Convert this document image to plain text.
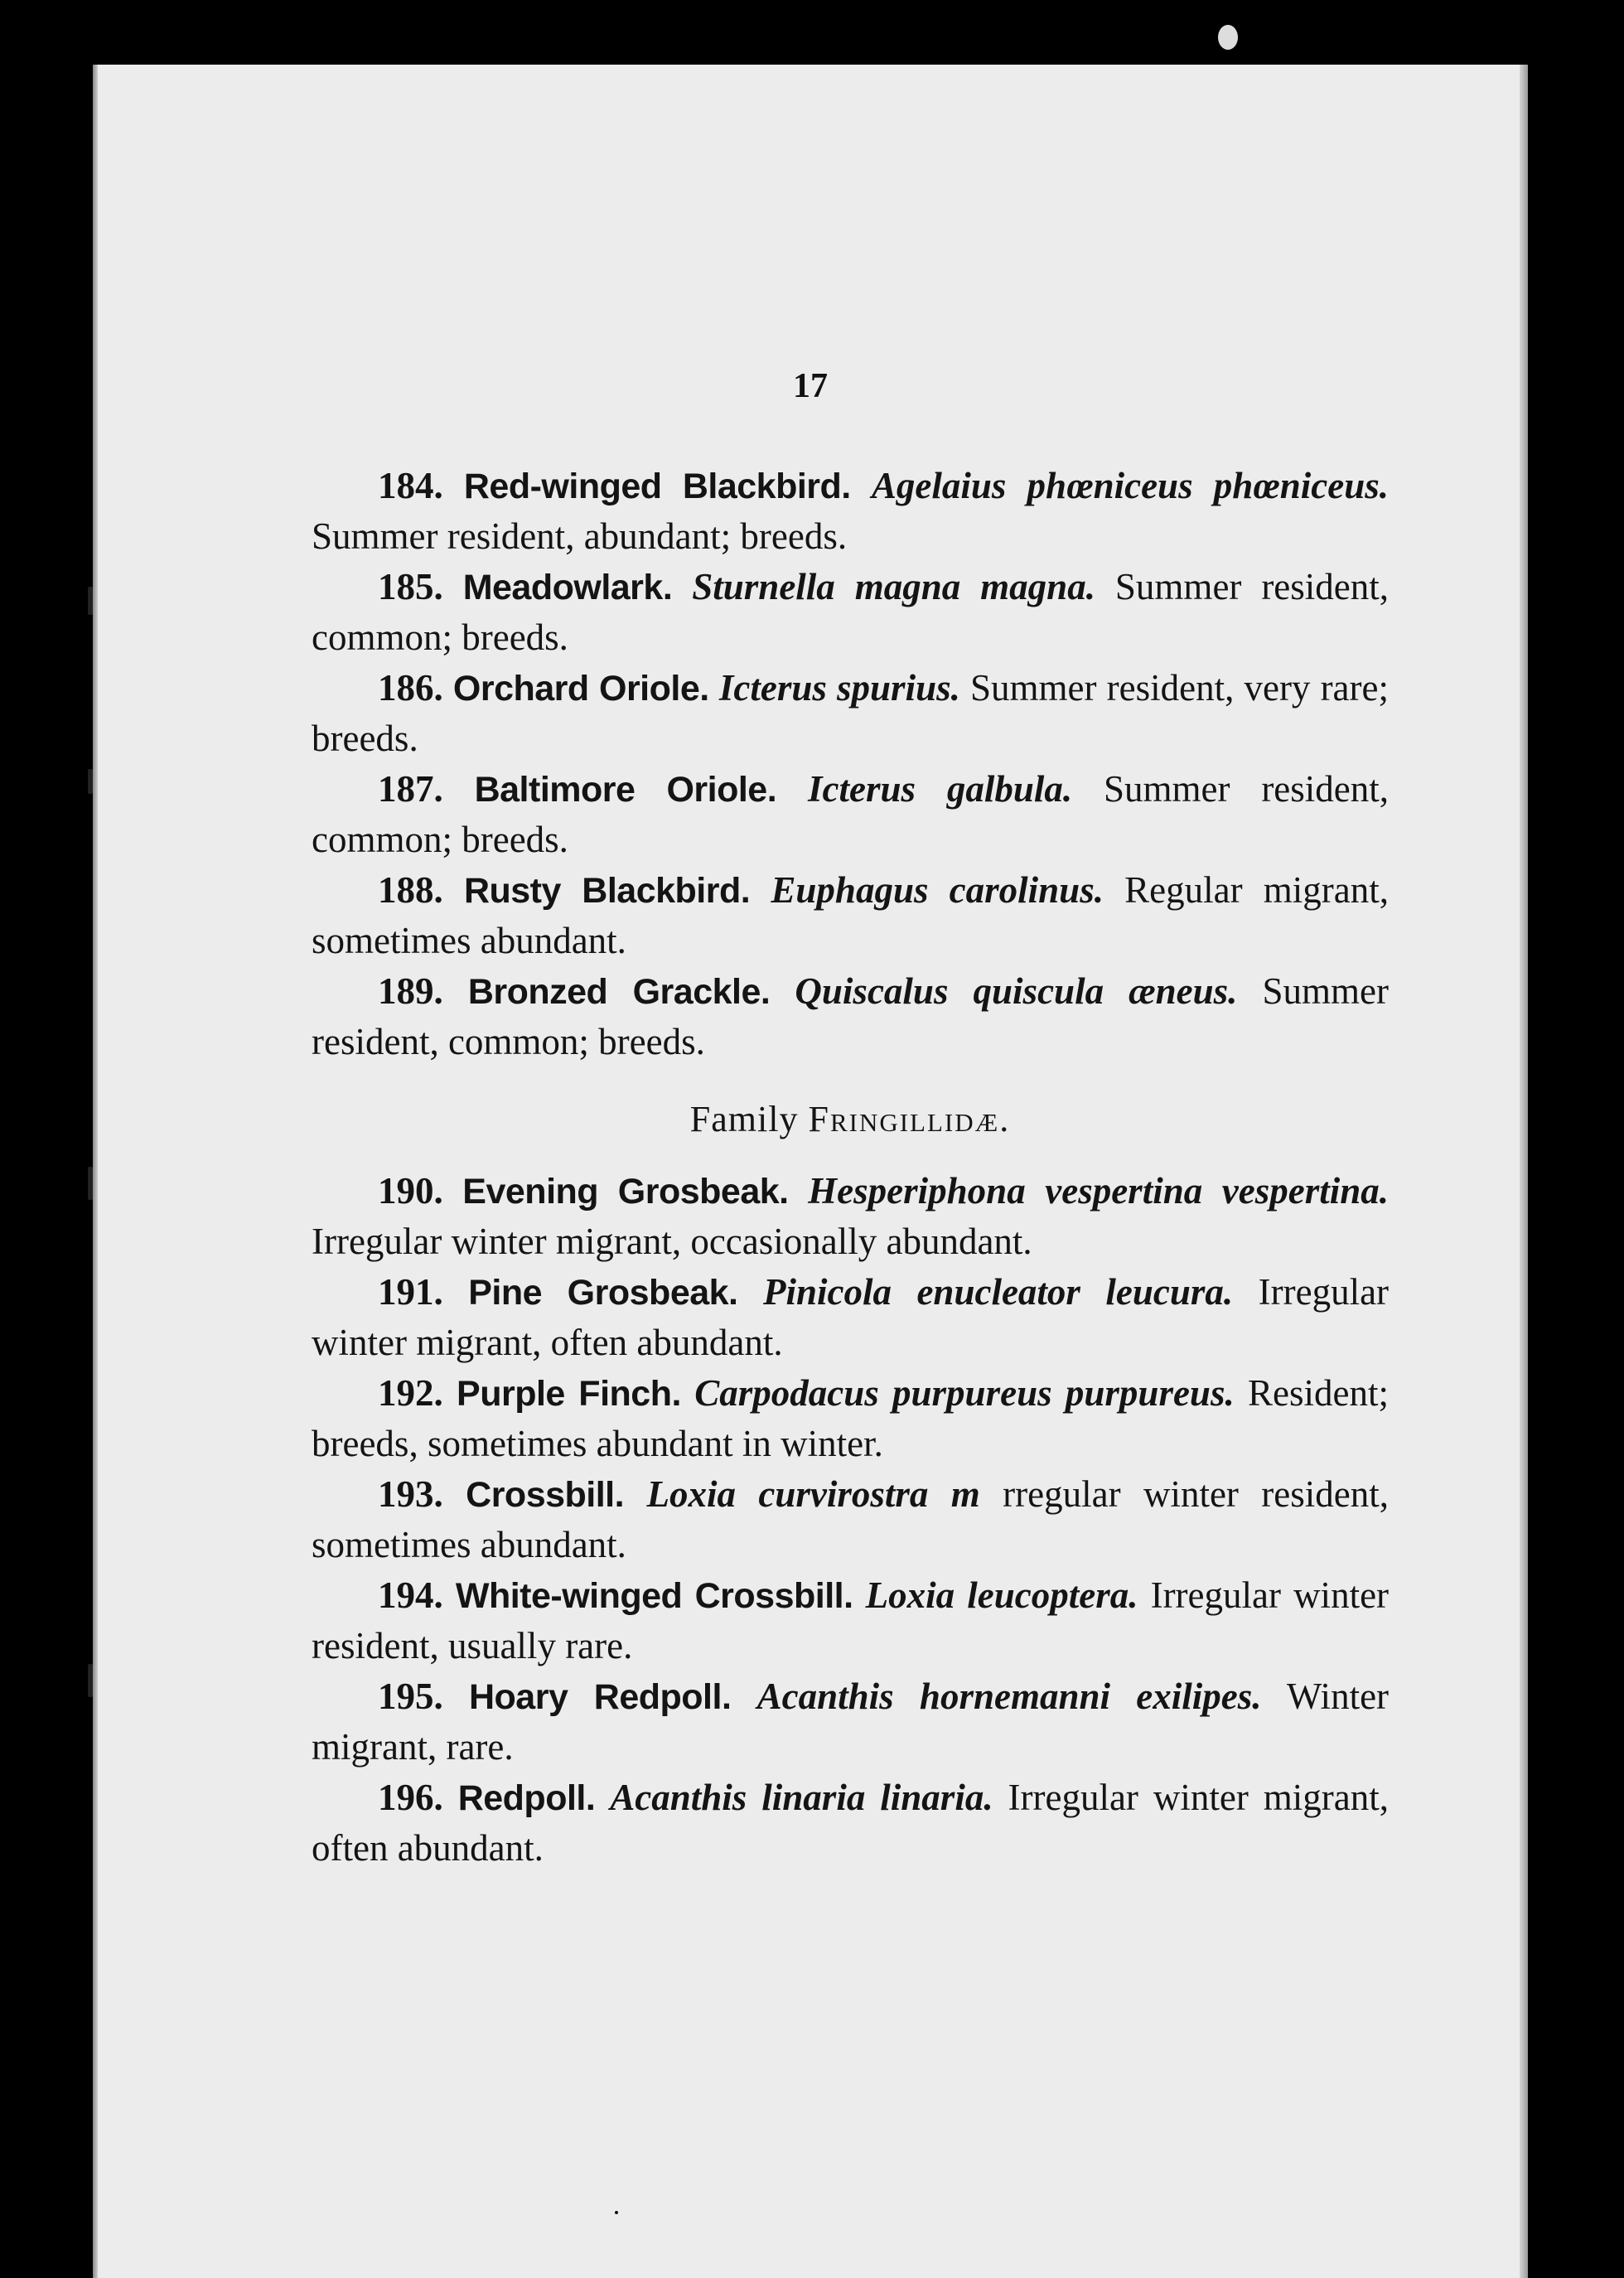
17

184. Red-winged Blackbird. Agelaius phœniceus phœniceus. Summer resident, abundant; breeds.

185. Meadowlark. Sturnella magna magna. Summer resident, common; breeds.

186. Orchard Oriole. Icterus spurius. Summer resident, very rare; breeds.

187. Baltimore Oriole. Icterus galbula. Summer resident, common; breeds.

188. Rusty Blackbird. Euphagus carolinus. Regular migrant, sometimes abundant.

189. Bronzed Grackle. Quiscalus quiscula æneus. Summer resident, common; breeds.

Family Fringillidæ.

190. Evening Grosbeak. Hesperiphona vespertina vespertina. Irregular winter migrant, occasionally abundant.

191. Pine Grosbeak. Pinicola enucleator leucura. Irregular winter migrant, often abundant.

192. Purple Finch. Carpodacus purpureus purpureus. Resident; breeds, sometimes abundant in winter.

193. Crossbill. Loxia curvirostra m rregular winter resident, sometimes abundant.

194. White-winged Crossbill. Loxia leucoptera. Irregular winter resident, usually rare.

195. Hoary Redpoll. Acanthis hornemanni exilipes. Winter migrant, rare.

196. Redpoll. Acanthis linaria linaria. Irregular winter migrant, often abundant.
